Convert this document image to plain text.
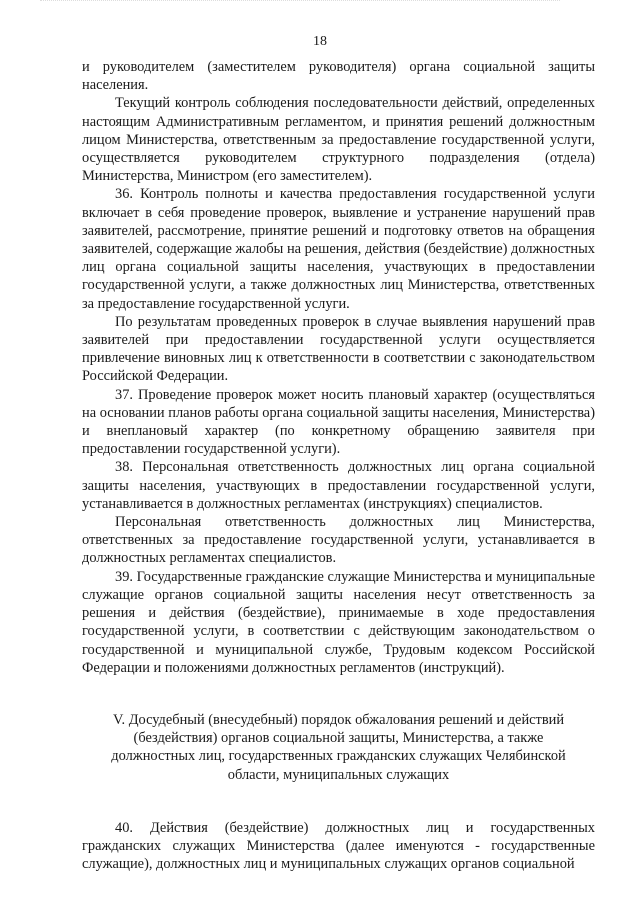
18

и руководителем (заместителем руководителя) органа социальной защиты населения.

Текущий контроль соблюдения последовательности действий, определенных настоящим Административным регламентом, и принятия решений должностным лицом Министерства, ответственным за предоставление государственной услуги, осуществляется руководителем структурного подразделения (отдела) Министерства, Министром (его заместителем).

36. Контроль полноты и качества предоставления государственной услуги включает в себя проведение проверок, выявление и устранение нарушений прав заявителей, рассмотрение, принятие решений и подготовку ответов на обращения заявителей, содержащие жалобы на решения, действия (бездействие) должностных лиц органа социальной защиты населения, участвующих в предоставлении государственной услуги, а также должностных лиц Министерства, ответственных за предоставление государственной услуги.

По результатам проведенных проверок в случае выявления нарушений прав заявителей при предоставлении государственной услуги осуществляется привлечение виновных лиц к ответственности в соответствии с законодательством Российской Федерации.

37. Проведение проверок может носить плановый характер (осуществляться на основании планов работы органа социальной защиты населения, Министерства) и внеплановый характер (по конкретному обращению заявителя при предоставлении государственной услуги).

38. Персональная ответственность должностных лиц органа социальной защиты населения, участвующих в предоставлении государственной услуги, устанавливается в должностных регламентах (инструкциях) специалистов.

Персональная ответственность должностных лиц Министерства, ответственных за предоставление государственной услуги, устанавливается в должностных регламентах специалистов.

39. Государственные гражданские служащие Министерства и муниципальные служащие органов социальной защиты населения несут ответственность за решения и действия (бездействие), принимаемые в ходе предоставления государственной услуги, в соответствии с действующим законодательством о государственной и муниципальной службе, Трудовым кодексом Российской Федерации и положениями должностных регламентов (инструкций).

V. Досудебный (внесудебный) порядок обжалования решений и действий
(бездействия) органов социальной защиты, Министерства, а также
должностных лиц, государственных гражданских служащих Челябинской
области, муниципальных служащих

40. Действия (бездействие) должностных лиц и государственных гражданских служащих Министерства (далее именуются - государственные служащие), должностных лиц и муниципальных служащих органов социальной
